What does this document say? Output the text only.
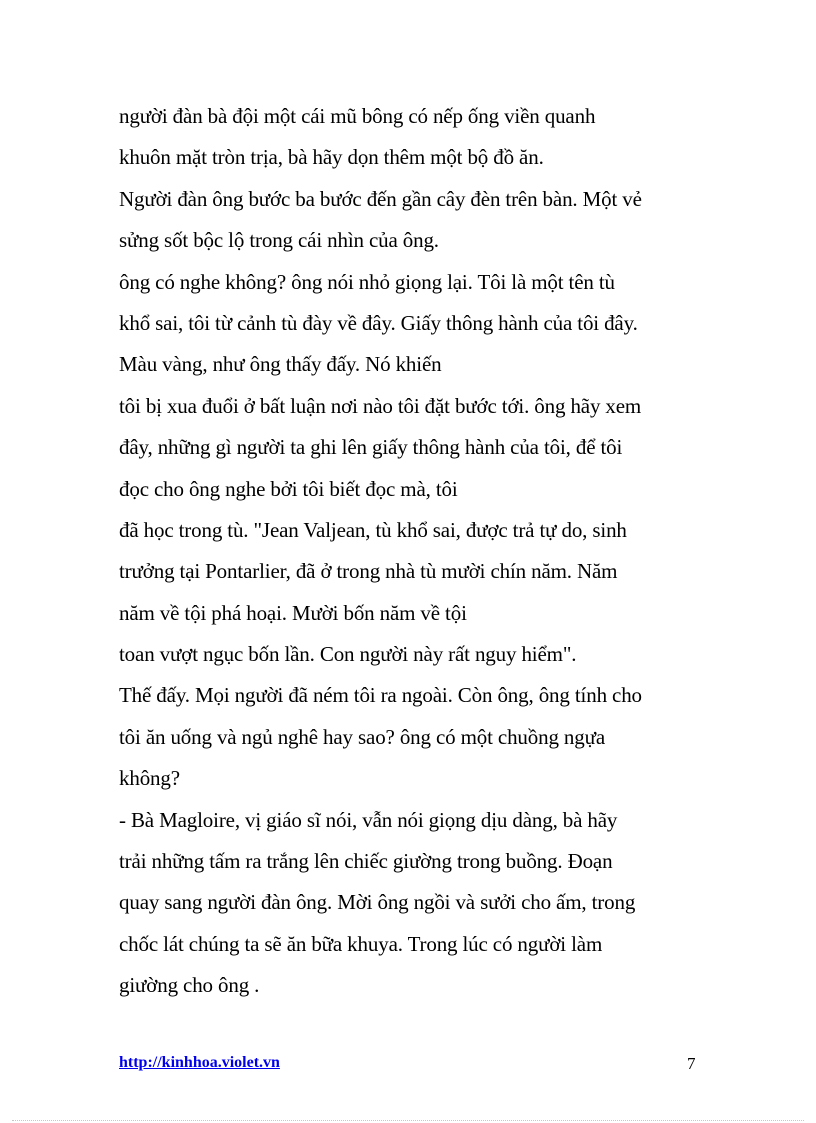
người đàn bà đội một cái mũ bông có nếp ống viền quanh
khuôn mặt tròn trịa, bà hãy dọn thêm một bộ đồ ăn.
Người đàn ông bước ba bước đến gần cây đèn trên bàn. Một vẻ
sửng sốt bộc lộ trong cái nhìn của ông.
ông có nghe không? ông nói nhỏ giọng lại. Tôi là một tên tù
khổ sai, tôi từ cảnh tù đày về đây. Giấy thông hành của tôi đây.
Màu vàng, như ông thấy đấy. Nó khiến
tôi bị xua đuổi ở bất luận nơi nào tôi đặt bước tới. ông hãy xem
đây, những gì người ta ghi lên giấy thông hành của tôi, để tôi
đọc cho ông nghe bởi tôi biết đọc mà, tôi
đã học trong tù. "Jean Valjean, tù khổ sai, được trả tự do, sinh
trưởng tại Pontarlier, đã ở trong nhà tù mười chín năm. Năm
năm về tội phá hoại. Mười bốn năm về tội
toan vượt ngục bốn lần. Con người này rất nguy hiểm".
Thế đấy. Mọi người đã ném tôi ra ngoài. Còn ông, ông tính cho
tôi ăn uống và ngủ nghê hay sao? ông có một chuồng ngựa
không?
- Bà Magloire, vị giáo sĩ nói, vẫn nói giọng dịu dàng, bà hãy
trải những tấm ra trắng lên chiếc giường trong buồng. Đoạn
quay sang người đàn ông. Mời ông ngồi và sưởi cho ấm, trong
chốc lát chúng ta sẽ ăn bữa khuya. Trong lúc có người làm
giường cho ông .
http://kinhhoa.violet.vn	7
